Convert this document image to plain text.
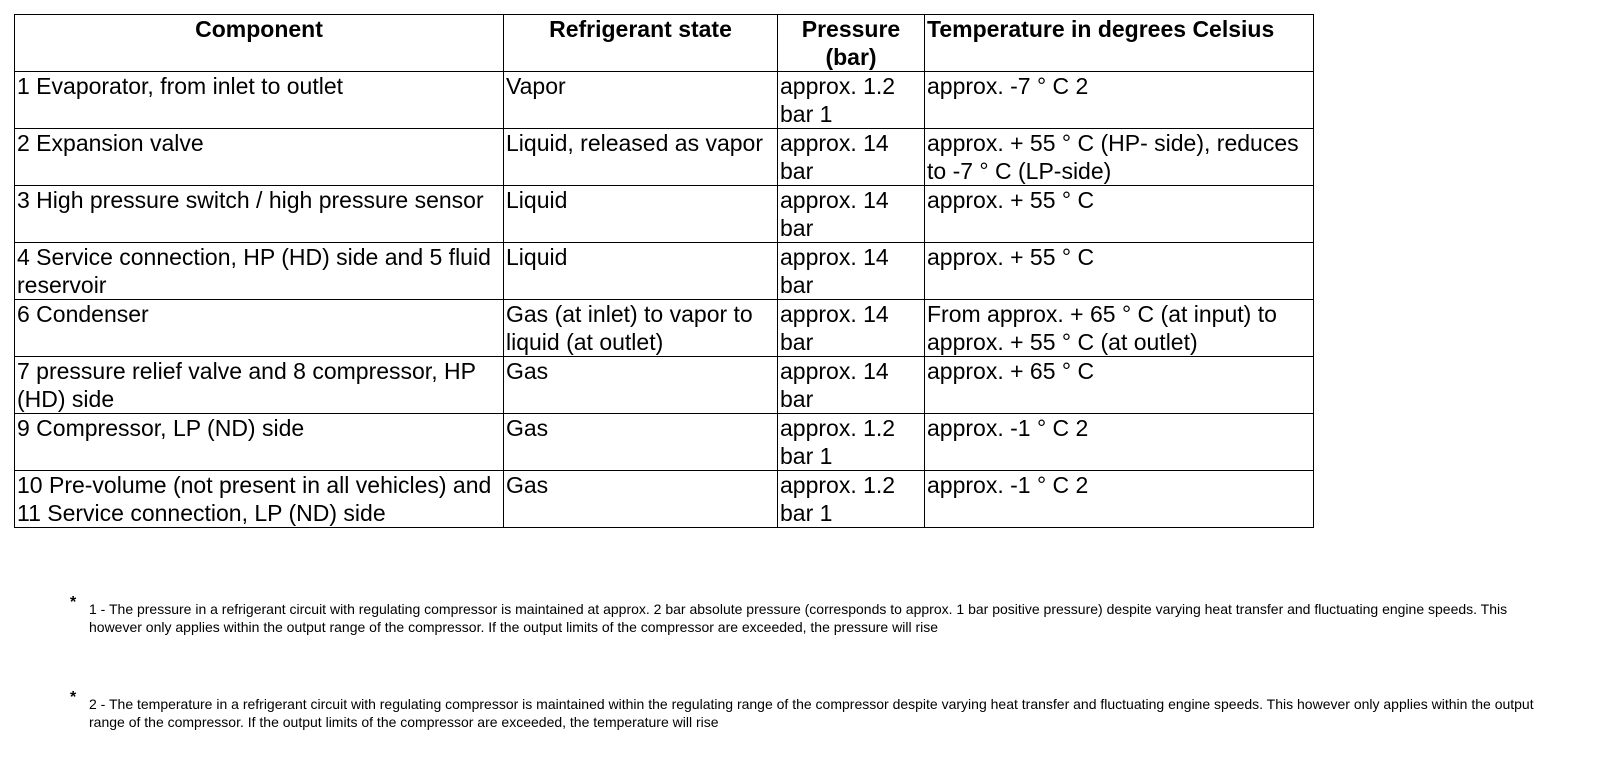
Component	Refrigerant state	Pressure (bar)	Temperature in degrees Celsius
1 Evaporator, from inlet to outlet	Vapor	approx. 1.2 bar 1	approx. -7 ° C 2
2 Expansion valve	Liquid, released as vapor	approx. 14 bar	approx. + 55 ° C (HP- side), reduces to -7 ° C (LP-side)
3 High pressure switch / high pressure sensor	Liquid	approx. 14 bar	approx. + 55 ° C
4 Service connection, HP (HD) side and 5 fluid reservoir	Liquid	approx. 14 bar	approx. + 55 ° C
6 Condenser	Gas (at inlet) to vapor to liquid (at outlet)	approx. 14 bar	From approx. + 65 ° C (at input) to approx. + 55 ° C (at outlet)
7 pressure relief valve and 8 compressor, HP (HD) side	Gas	approx. 14 bar	approx. + 65 ° C
9 Compressor, LP (ND) side	Gas	approx. 1.2 bar 1	approx. -1 ° C 2
10 Pre-volume (not present in all vehicles) and 11 Service connection, LP (ND) side	Gas	approx. 1.2 bar 1	approx. -1 ° C 2
* 1 - The pressure in a refrigerant circuit with regulating compressor is maintained at approx. 2 bar absolute pressure (corresponds to approx. 1 bar positive pressure) despite varying heat transfer and fluctuating engine speeds. This however only applies within the output range of the compressor. If the output limits of the compressor are exceeded, the pressure will rise
* 2 - The temperature in a refrigerant circuit with regulating compressor is maintained within the regulating range of the compressor despite varying heat transfer and fluctuating engine speeds. This however only applies within the output range of the compressor. If the output limits of the compressor are exceeded, the temperature will rise
